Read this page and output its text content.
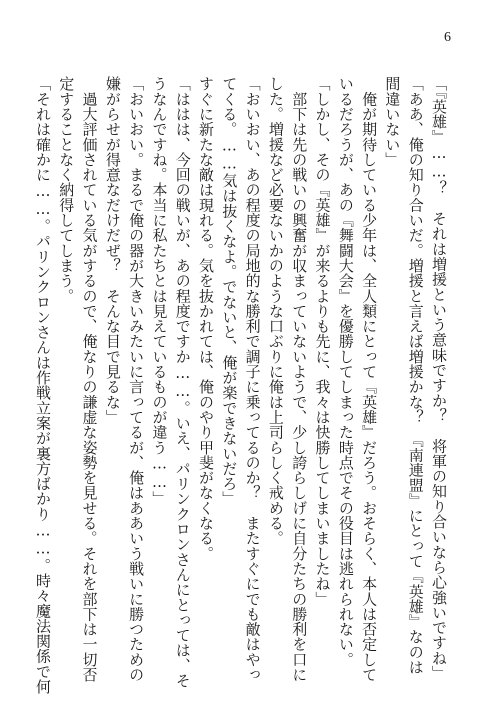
6
「『英雄』……？　それは増援という意味ですか？　将軍の知り合いなら心強いですね」
「ああ、俺の知り合いだ。増援と言えば増援かな？　『南連盟』にとって『英雄』なのは
間違いない」
　俺が期待している少年は、全人類にとって『英雄』だろう。おそらく、本人は否定して
いるだろうが、あの『舞闘大会』を優勝してしまった時点でその役目は逃れられない。
「しかし、その『英雄』が来るよりも先に、我々は快勝してしまいましたね」
　部下は先の戦いの興奮が収まっていないようで、少し誇らしげに自分たちの勝利を口に
した。増援など必要ないかのような口ぶりに俺は上司らしく戒める。
「おいおい、あの程度の局地的な勝利で調子に乗ってるのか？　またすぐにでも敵はやっ
てくる。……気は抜くなよ。でないと、俺が楽できないだろ」
すぐに新たな敵は現れる。気を抜かれては、俺のやり甲斐がなくなる。
「ははは、今回の戦いが、あの程度ですか……。いえ、パリンクロンさんにとっては、そ
うなんですね。本当に私たちとは見えているものが違う……」
「おいおい。まるで俺の器が大きいみたいに言ってるが、俺はああいう戦いに勝つための
嫌がらせが得意なだけだぜ？　そんな目で見るな」
　過大評価されている気がするので、俺なりの謙虚な姿勢を見せる。それを部下は一切否
定することなく納得してしまう。
「それは確かに……。パリンクロンさんは作戦立案が裏方ばかり……。時々魔法関係で何
